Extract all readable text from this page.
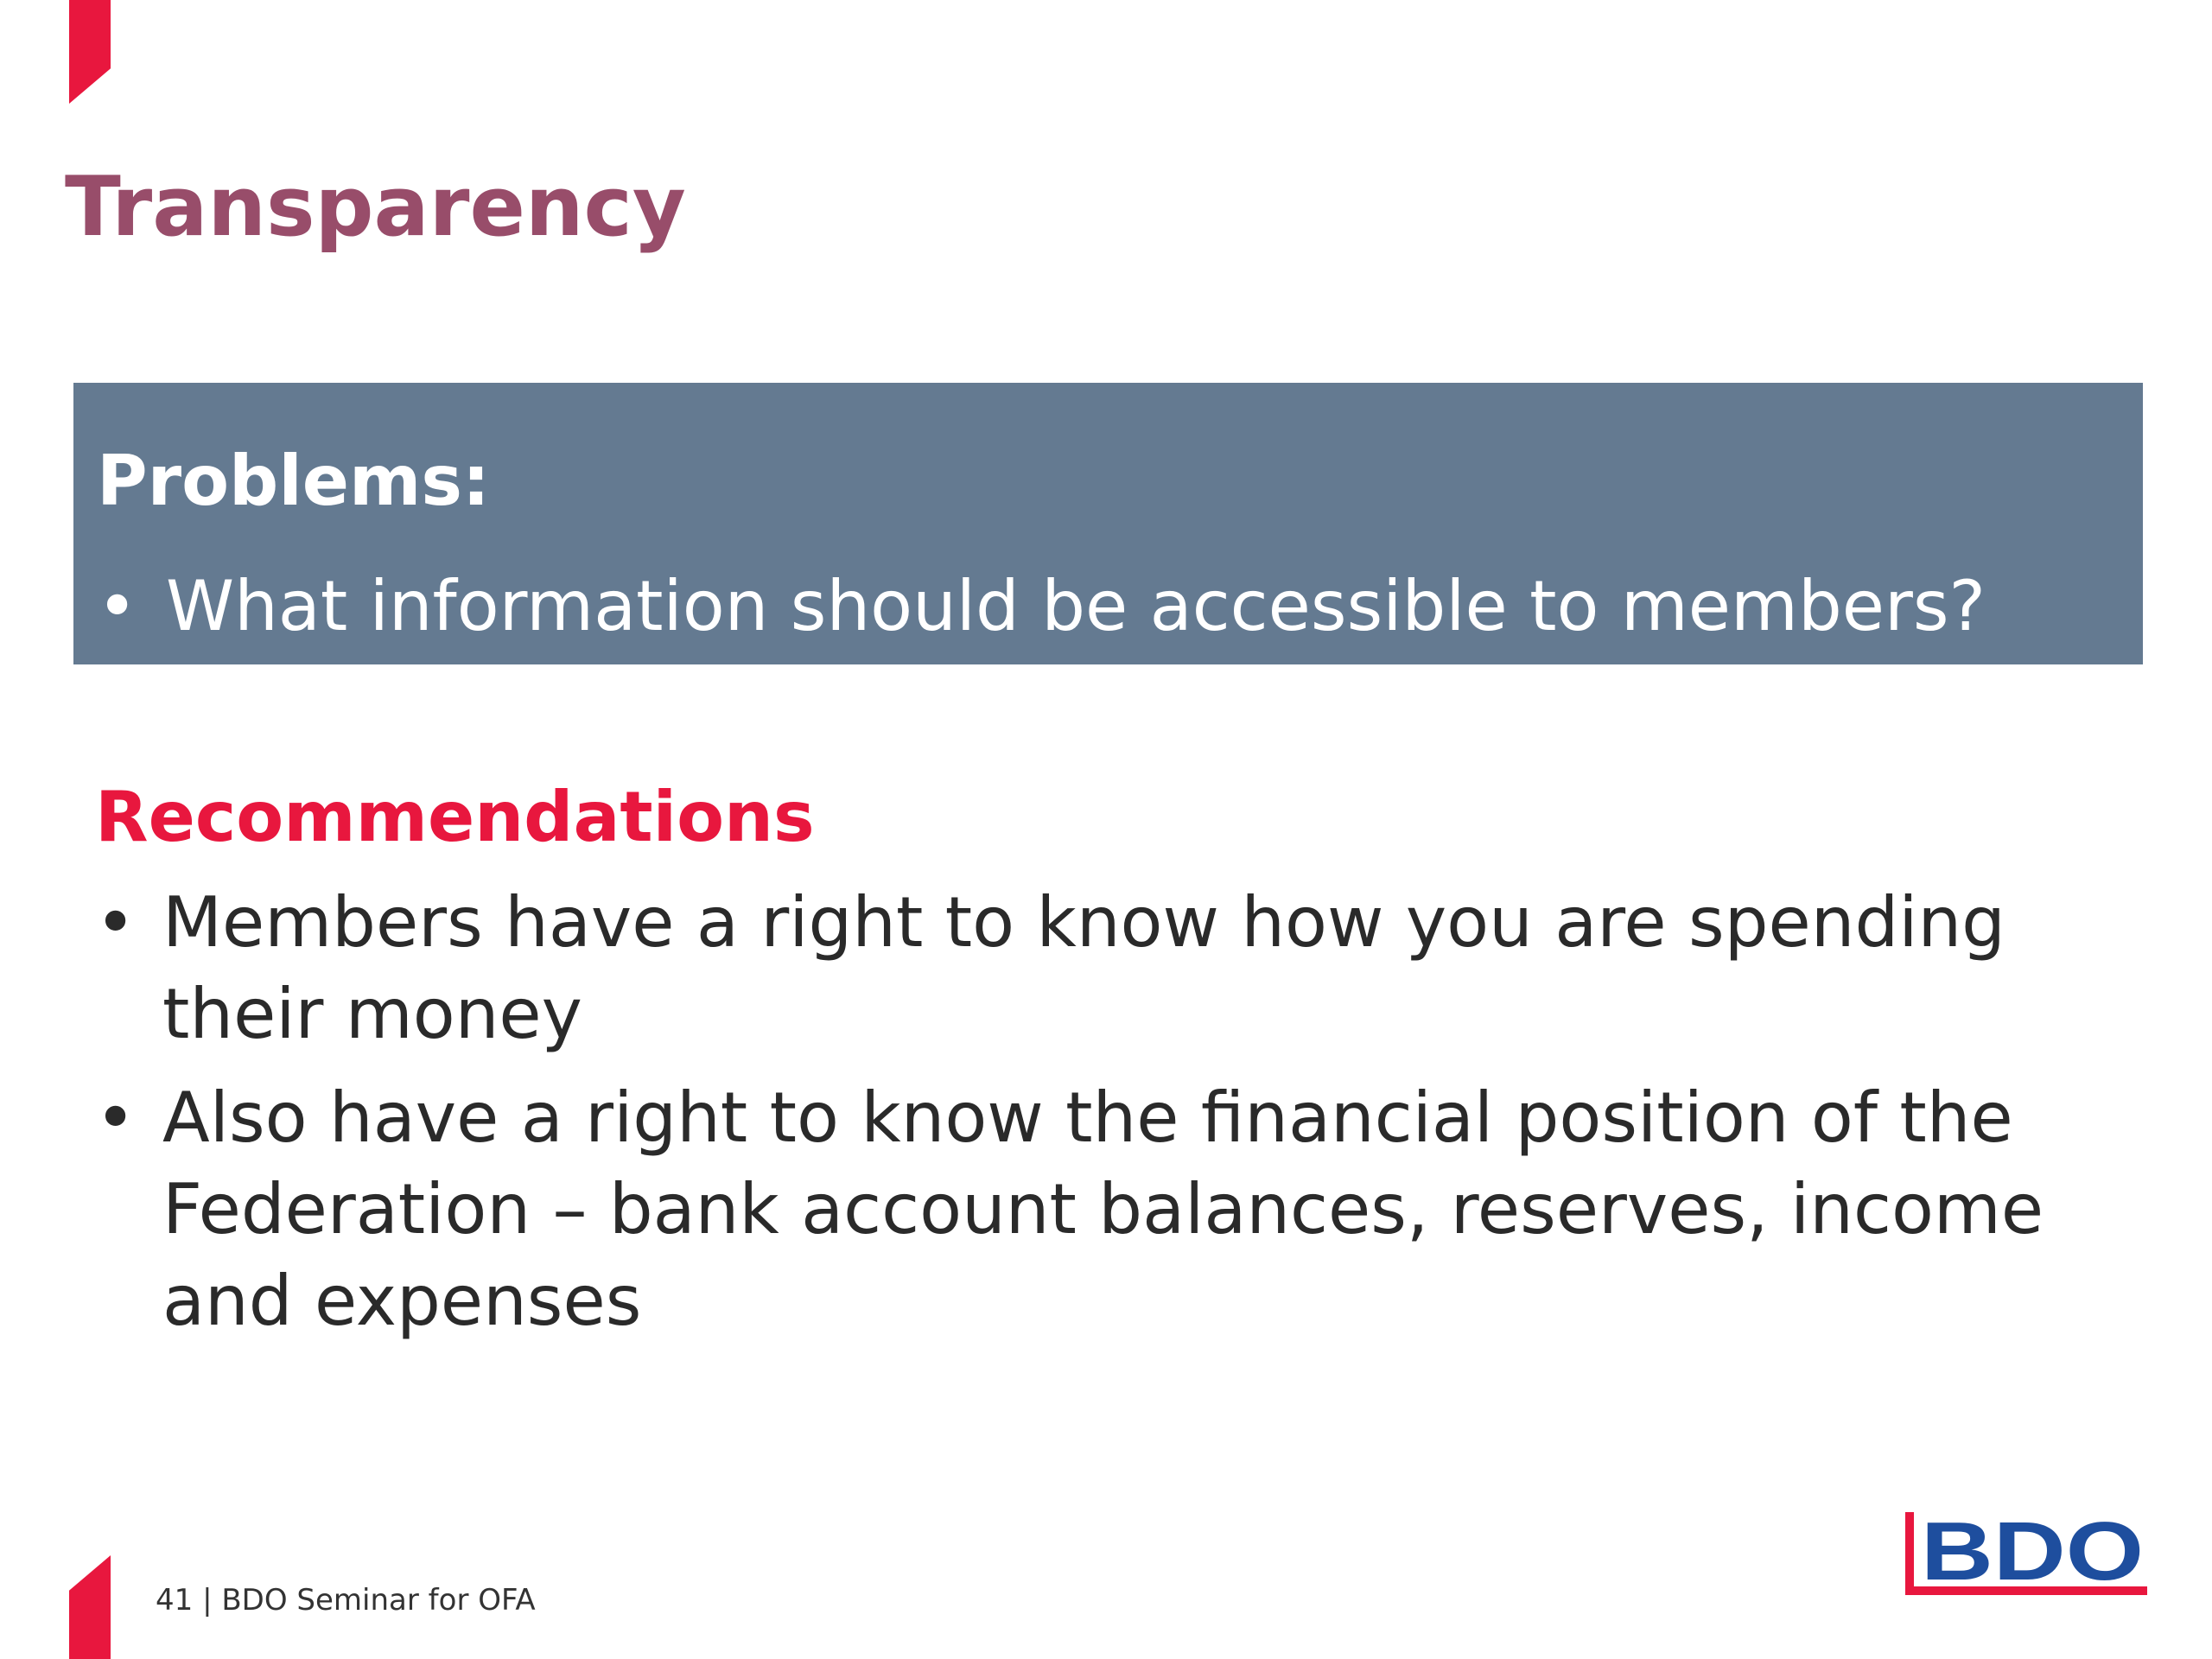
Transparency
Problems:
• What information should be accessible to members?
Recommendations
• Members have a right to know how you are spending their money
• Also have a right to know the financial position of the Federation – bank account balances, reserves, income and expenses
41 | BDO Seminar for OFA
BDO
